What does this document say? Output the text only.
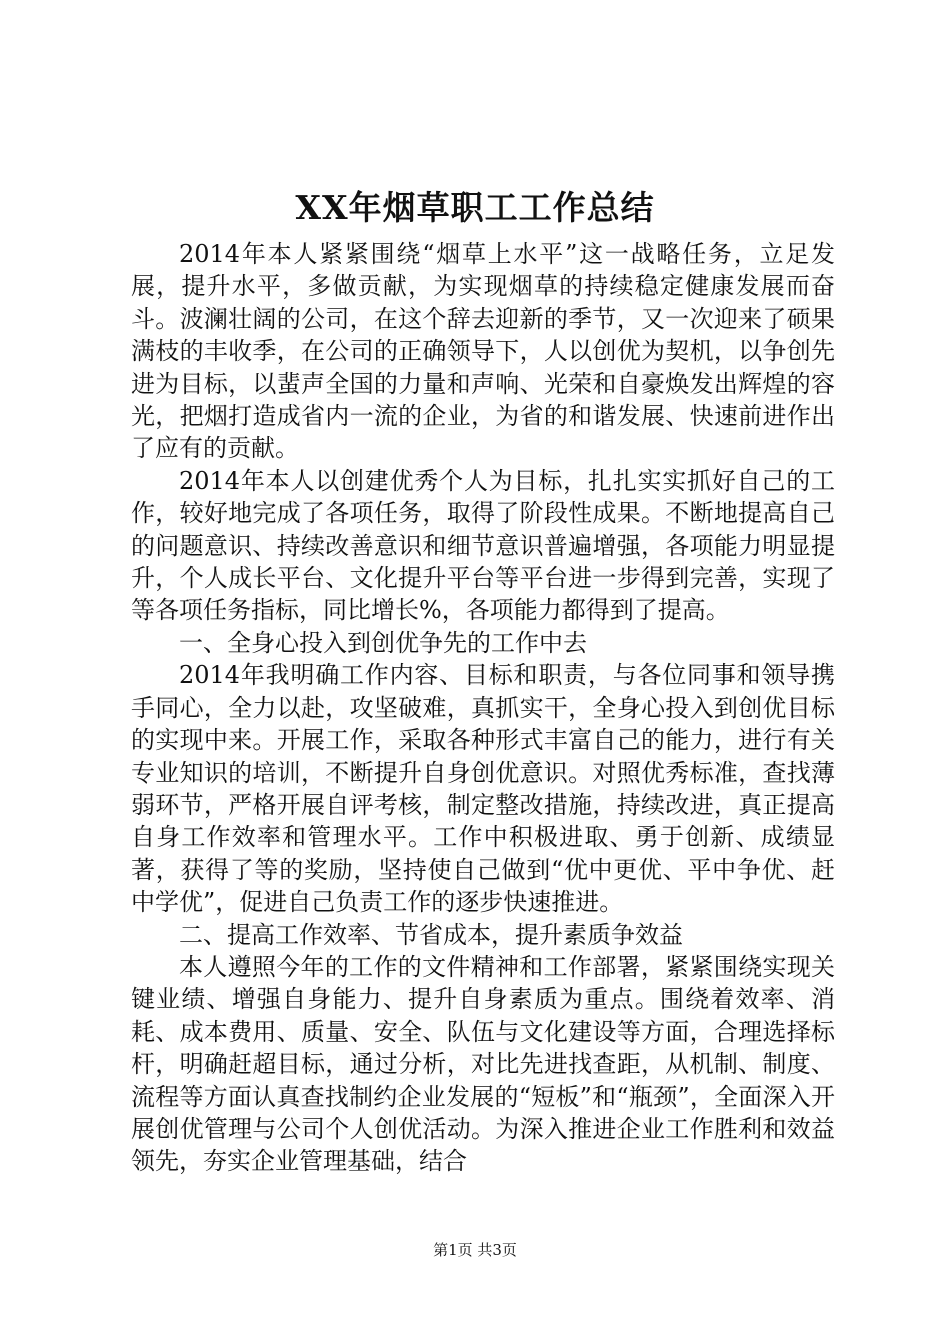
XX年烟草职工工作总结

2014年本人紧紧围绕“烟草上水平”这一战略任务，立足发展，提升水平，多做贡献，为实现烟草的持续稳定健康发展而奋斗。波澜壮阔的公司，在这个辞去迎新的季节，又一次迎来了硕果满枝的丰收季，在公司的正确领导下，人以创优为契机，以争创先进为目标，以蜚声全国的力量和声响、光荣和自豪焕发出辉煌的容光，把烟打造成省内一流的企业，为省的和谐发展、快速前进作出了应有的贡献。

2014年本人以创建优秀个人为目标，扎扎实实抓好自己的工作，较好地完成了各项任务，取得了阶段性成果。不断地提高自己的问题意识、持续改善意识和细节意识普遍增强，各项能力明显提升，个人成长平台、文化提升平台等平台进一步得到完善，实现了等各项任务指标，同比增长%，各项能力都得到了提高。

一、全身心投入到创优争先的工作中去

2014年我明确工作内容、目标和职责，与各位同事和领导携手同心，全力以赴，攻坚破难，真抓实干，全身心投入到创优目标的实现中来。开展工作，采取各种形式丰富自己的能力，进行有关专业知识的培训，不断提升自身创优意识。对照优秀标准，查找薄弱环节，严格开展自评考核，制定整改措施，持续改进，真正提高自身工作效率和管理水平。工作中积极进取、勇于创新、成绩显著，获得了等的奖励，坚持使自己做到“优中更优、平中争优、赶中学优”，促进自己负责工作的逐步快速推进。

二、提高工作效率、节省成本，提升素质争效益

本人遵照今年的工作的文件精神和工作部署，紧紧围绕实现关键业绩、增强自身能力、提升自身素质为重点。围绕着效率、消耗、成本费用、质量、安全、队伍与文化建设等方面，合理选择标杆，明确赶超目标，通过分析，对比先进找查距，从机制、制度、流程等方面认真查找制约企业发展的“短板”和“瓶颈”，全面深入开展创优管理与公司个人创优活动。为深入推进企业工作胜利和效益领先，夯实企业管理基础，结合

第1页 共3页
